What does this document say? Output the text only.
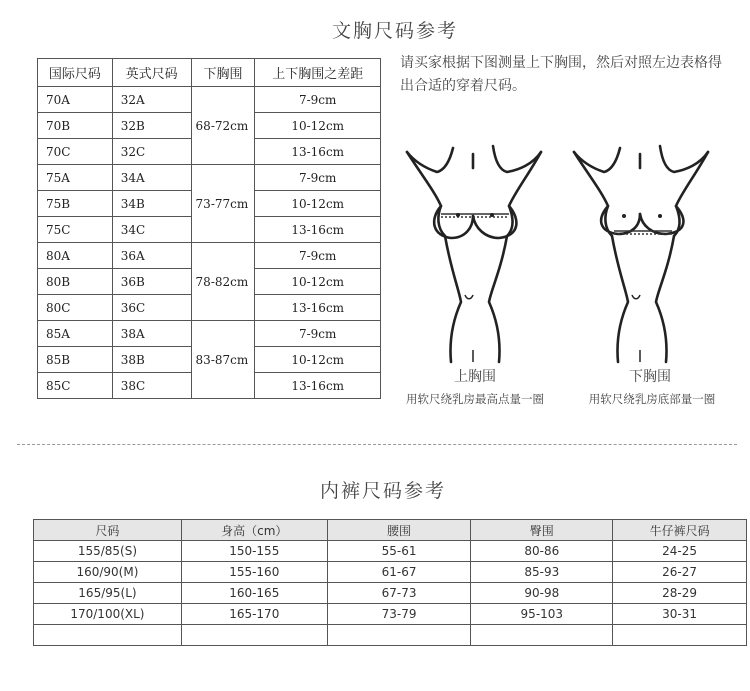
文胸尺码参考
国际尺码	英式尺码	下胸围	上下胸围之差距
70A	32A	68-72cm	7-9cm
70B	32B		10-12cm
70C	32C		13-16cm
75A	34A	73-77cm	7-9cm
75B	34B		10-12cm
75C	34C		13-16cm
80A	36A	78-82cm	7-9cm
80B	36B		10-12cm
80C	36C		13-16cm
85A	38A	83-87cm	7-9cm
85B	38B		10-12cm
85C	38C		13-16cm
请买家根据下图测量上下胸围，然后对照左边表格得出合适的穿着尺码。
上胸围
用软尺绕乳房最高点量一圈
下胸围
用软尺绕乳房底部量一圈
内裤尺码参考
尺码	身高（cm）	腰围	臀围	牛仔裤尺码
155/85(S)	150-155	55-61	80-86	24-25
160/90(M)	155-160	61-67	85-93	26-27
165/95(L)	160-165	67-73	90-98	28-29
170/100(XL)	165-170	73-79	95-103	30-31
